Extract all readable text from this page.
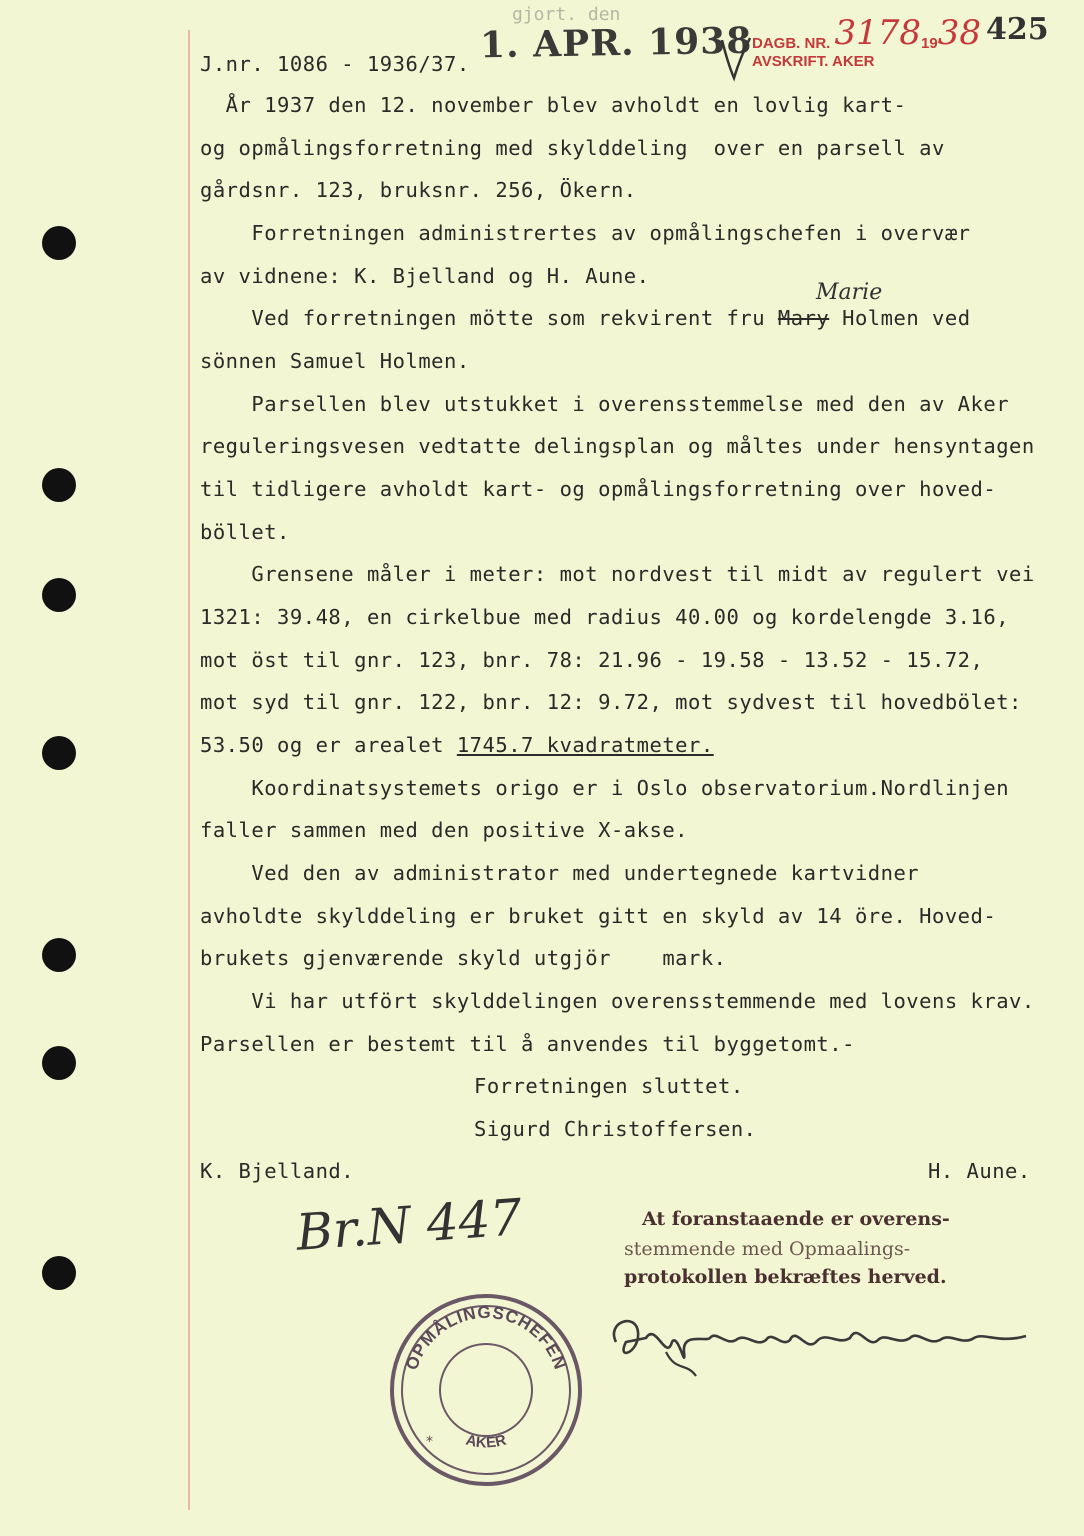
J.nr. 1086 - 1936/37.
gjort. den
1. APR. 1938 DAGB. NR. 31781938
AVSKRIFT. AKER
425
År 1937 den 12. november blev avholdt en lovlig kart-
og opmålingsforretning med skylddeling  over en parsell av
gårdsnr. 123, bruksnr. 256, Ökern.
Forretningen administrertes av opmålingschefen i overvær
av vidnene: K. Bjelland og H. Aune.
Marie
Ved forretningen mötte som rekvirent fru Mary Holmen ved
sönnen Samuel Holmen.
Parsellen blev utstukket i overensstemmelse med den av Aker
reguleringsvesen vedtatte delingsplan og måltes under hensyntagen
til tidligere avholdt kart- og opmålingsforretning over hoved-
böllet.
Grensene måler i meter: mot nordvest til midt av regulert vei
1321: 39.48, en cirkelbue med radius 40.00 og kordelengde 3.16,
mot öst til gnr. 123, bnr. 78: 21.96 - 19.58 - 13.52 - 15.72,
mot syd til gnr. 122, bnr. 12: 9.72, mot sydvest til hovedbölet:
53.50 og er arealet 1745.7 kvadratmeter.
Koordinatsystemets origo er i Oslo observatorium.Nordlinjen
faller sammen med den positive X-akse.
Ved den av administrator med undertegnede kartvidner
avholdte skylddeling er bruket gitt en skyld av 14 öre. Hoved-
brukets gjenværende skyld utgjör    mark.
Vi har utfört skylddelingen overensstemmende med lovens krav.
Parsellen er bestemt til å anvendes til byggetomt.-
Forretningen sluttet.
Sigurd Christoffersen.
K. Bjelland.	H. Aune.
Br.N 447	At foranstaaende er overens-
stemmende med Opmaalings-
protokollen bekræftes herved.
OPMÅLINGSCHEFEN
AKER
*
